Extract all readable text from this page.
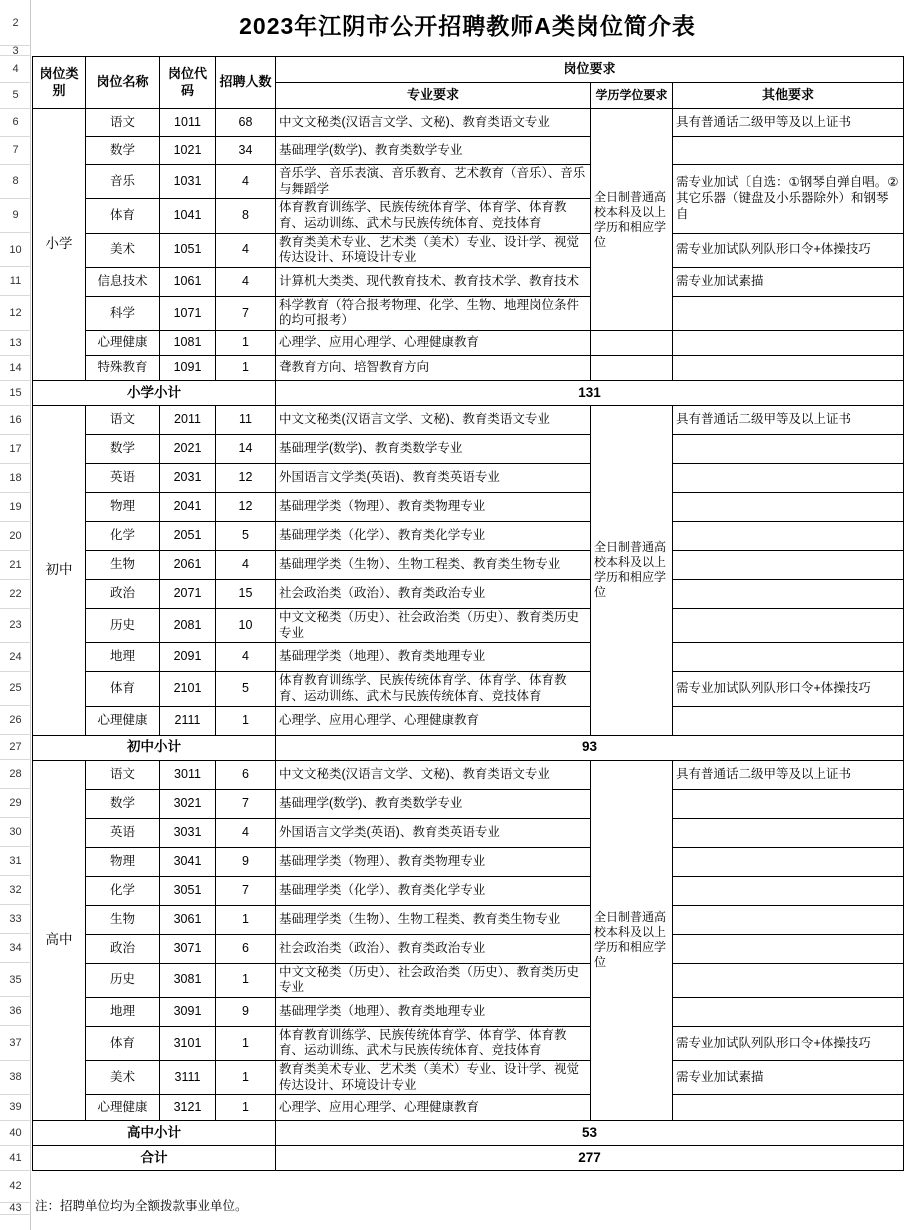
2
3
4
5
6
7
8
9
10
11
12
13
14
15
16
17
18
19
20
21
22
23
24
25
26
27
28
29
30
31
32
33
34
35
36
37
38
39
40
41
42
43
2023年江阴市公开招聘教师A类岗位简介表
岗位类别	岗位名称	岗位代码	招聘人数	岗位要求		
				专业要求	学历学位要求	其他要求
小学	语文	1011	68	中文文秘类(汉语言文学、文秘)、教育类语文专业	全日制普通高校本科及以上学历和相应学位	具有普通话二级甲等及以上证书
	数学	1021	34	基础理学(数学)、教育类数学专业		
	音乐	1031	4	音乐学、音乐表演、音乐教育、艺术教育（音乐）、音乐与舞蹈学		需专业加试〔自选：①钢琴自弹自唱。②其它乐器（键盘及小乐器除外）和钢琴自
	体育	1041	8	体育教育训练学、民族传统体育学、体育学、体育教育、运动训练、武术与民族传统体育、竞技体育		
	美术	1051	4	教育类美术专业、艺术类（美术）专业、设计学、视觉传达设计、环境设计专业		需专业加试队列队形口令+体操技巧
	信息技术	1061	4	计算机大类类、现代教育技术、教育技术学、教育技术		需专业加试素描
	科学	1071	7	科学教育（符合报考物理、化学、生物、地理岗位条件的均可报考）		
	心理健康	1081	1	心理学、应用心理学、心理健康教育		
	特殊教育	1091	1	聋教育方向、培智教育方向		
小学小计				131		
初中	语文	2011	11	中文文秘类(汉语言文学、文秘)、教育类语文专业	全日制普通高校本科及以上学历和相应学位	具有普通话二级甲等及以上证书
	数学	2021	14	基础理学(数学)、教育类数学专业		
	英语	2031	12	外国语言文学类(英语)、教育类英语专业		
	物理	2041	12	基础理学类（物理）、教育类物理专业		
	化学	2051	5	基础理学类（化学）、教育类化学专业		
	生物	2061	4	基础理学类（生物）、生物工程类、教育类生物专业		
	政治	2071	15	社会政治类（政治）、教育类政治专业		
	历史	2081	10	中文文秘类（历史）、社会政治类（历史）、教育类历史专业		
	地理	2091	4	基础理学类（地理）、教育类地理专业		
	体育	2101	5	体育教育训练学、民族传统体育学、体育学、体育教育、运动训练、武术与民族传统体育、竞技体育		需专业加试队列队形口令+体操技巧
	心理健康	2111	1	心理学、应用心理学、心理健康教育		
初中小计				93		
高中	语文	3011	6	中文文秘类(汉语言文学、文秘)、教育类语文专业	全日制普通高校本科及以上学历和相应学位	具有普通话二级甲等及以上证书
	数学	3021	7	基础理学(数学)、教育类数学专业		
	英语	3031	4	外国语言文学类(英语)、教育类英语专业		
	物理	3041	9	基础理学类（物理）、教育类物理专业		
	化学	3051	7	基础理学类（化学）、教育类化学专业		
	生物	3061	1	基础理学类（生物）、生物工程类、教育类生物专业		
	政治	3071	6	社会政治类（政治）、教育类政治专业		
	历史	3081	1	中文文秘类（历史）、社会政治类（历史）、教育类历史专业		
	地理	3091	9	基础理学类（地理）、教育类地理专业		
	体育	3101	1	体育教育训练学、民族传统体育学、体育学、体育教育、运动训练、武术与民族传统体育、竞技体育		需专业加试队列队形口令+体操技巧
	美术	3111	1	教育类美术专业、艺术类（美术）专业、设计学、视觉传达设计、环境设计专业		需专业加试素描
	心理健康	3121	1	心理学、应用心理学、心理健康教育		
高中小计				53		
合计				277		
注：招聘单位均为全额拨款事业单位。
